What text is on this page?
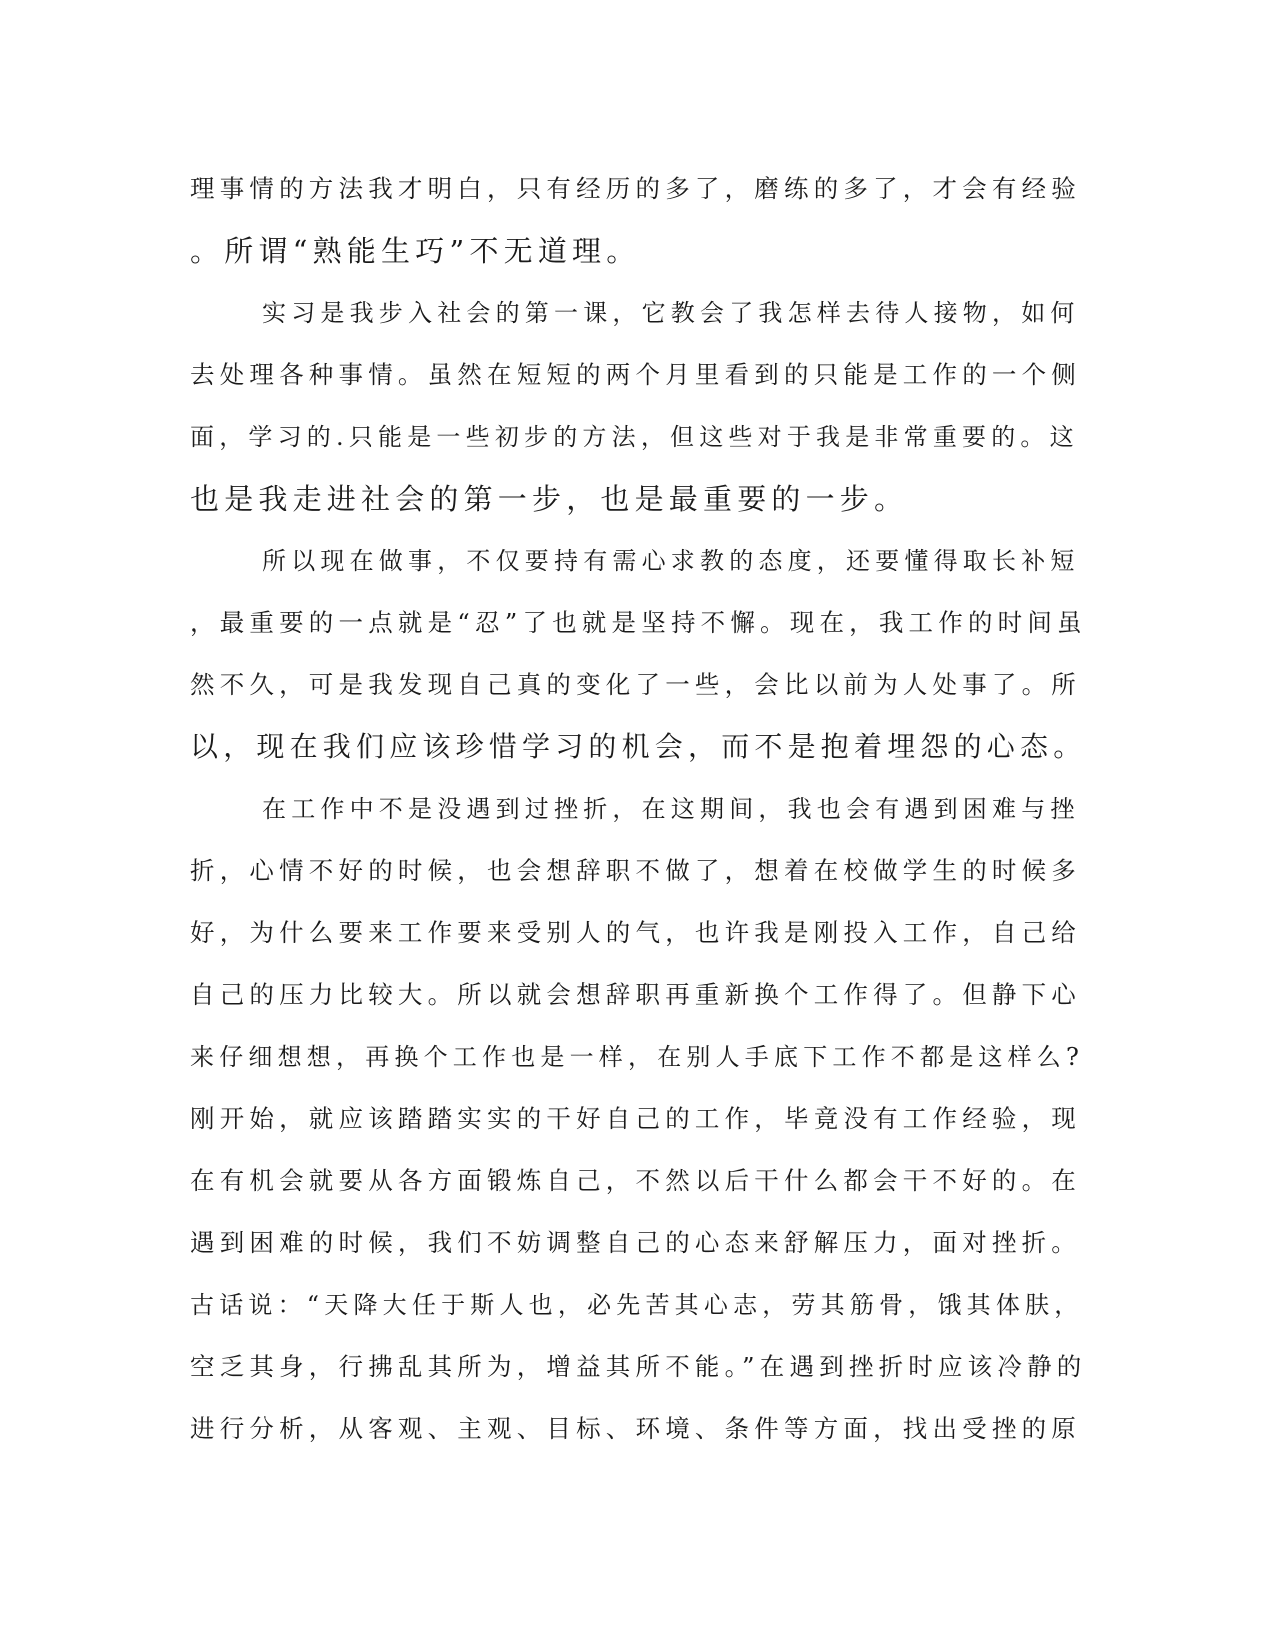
理事情的方法我才明白，只有经历的多了，磨练的多了，才会有经验
。所谓“熟能生巧”不无道理。
实习是我步入社会的第一课，它教会了我怎样去待人接物，如何
去处理各种事情。虽然在短短的两个月里看到的只能是工作的一个侧
面，学习的.只能是一些初步的方法，但这些对于我是非常重要的。这
也是我走进社会的第一步，也是最重要的一步。
所以现在做事，不仅要持有需心求教的态度，还要懂得取长补短
，最重要的一点就是“忍”了也就是坚持不懈。现在，我工作的时间虽
然不久，可是我发现自己真的变化了一些，会比以前为人处事了。所
以，现在我们应该珍惜学习的机会，而不是抱着埋怨的心态。
在工作中不是没遇到过挫折，在这期间，我也会有遇到困难与挫
折，心情不好的时候，也会想辞职不做了，想着在校做学生的时候多
好，为什么要来工作要来受别人的气，也许我是刚投入工作，自己给
自己的压力比较大。所以就会想辞职再重新换个工作得了。但静下心
来仔细想想，再换个工作也是一样，在别人手底下工作不都是这样么?
刚开始，就应该踏踏实实的干好自己的工作，毕竟没有工作经验，现
在有机会就要从各方面锻炼自己，不然以后干什么都会干不好的。在
遇到困难的时候，我们不妨调整自己的心态来舒解压力，面对挫折。
古话说：“天降大任于斯人也，必先苦其心志，劳其筋骨，饿其体肤，
空乏其身，行拂乱其所为，增益其所不能。”在遇到挫折时应该冷静的
进行分析，从客观、主观、目标、环境、条件等方面，找出受挫的原
